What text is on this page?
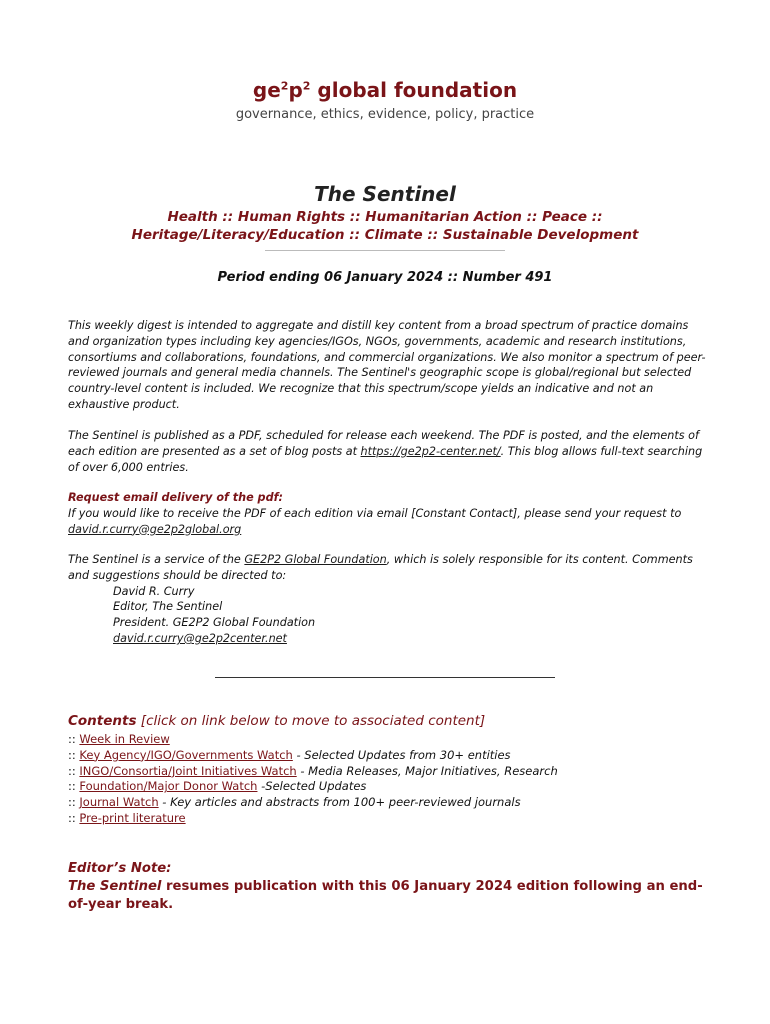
$ge^2p^2$ global foundation
governance, ethics, evidence, policy, practice
The Sentinel
Health :: Human Rights :: Humanitarian Action :: Peace ::
Heritage/Literacy/Education :: Climate :: Sustainable Development
Period ending 06 January 2024 :: Number 491
This weekly digest is intended to aggregate and distill key content from a broad spectrum of practice domains and organization types including key agencies/IGOs, NGOs, governments, academic and research institutions, consortiums and collaborations, foundations, and commercial organizations. We also monitor a spectrum of peer-reviewed journals and general media channels. The Sentinel's geographic scope is global/regional but selected country-level content is included. We recognize that this spectrum/scope yields an indicative and not an exhaustive product.
The Sentinel is published as a PDF, scheduled for release each weekend. The PDF is posted, and the elements of each edition are presented as a set of blog posts at https://ge2p2-center.net/. This blog allows full-text searching of over 6,000 entries.
Request email delivery of the pdf:
If you would like to receive the PDF of each edition via email [Constant Contact], please send your request to
david.r.curry@ge2p2global.org
The Sentinel is a service of the GE2P2 Global Foundation, which is solely responsible for its content. Comments and suggestions should be directed to:
David R. Curry
Editor, The Sentinel
President. GE2P2 Global Foundation
david.r.curry@ge2p2center.net
Contents [click on link below to move to associated content]
:: Week in Review
:: Key Agency/IGO/Governments Watch - Selected Updates from 30+ entities
:: INGO/Consortia/Joint Initiatives Watch - Media Releases, Major Initiatives, Research
:: Foundation/Major Donor Watch -Selected Updates
:: Journal Watch - Key articles and abstracts from 100+ peer-reviewed journals
:: Pre-print literature
Editor’s Note:
The Sentinel resumes publication with this 06 January 2024 edition following an end-of-year break.
